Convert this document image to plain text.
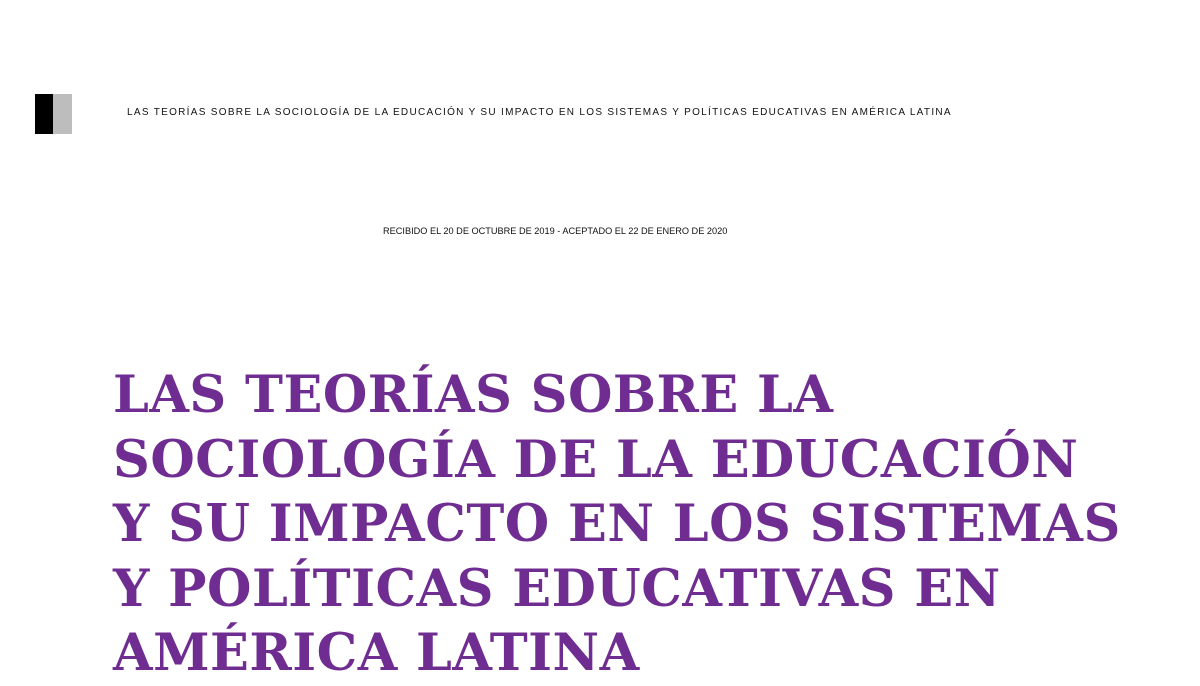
LAS TEORÍAS SOBRE LA SOCIOLOGÍA DE LA EDUCACIÓN Y SU IMPACTO EN LOS SISTEMAS Y POLÍTICAS EDUCATIVAS EN AMÉRICA LATINA
RECIBIDO EL 20 DE OCTUBRE DE 2019 - ACEPTADO EL 22 DE ENERO DE 2020
LAS TEORÍAS SOBRE LA
SOCIOLOGÍA DE LA EDUCACIÓN
Y SU IMPACTO EN LOS SISTEMAS
Y POLÍTICAS EDUCATIVAS EN
AMÉRICA LATINA
